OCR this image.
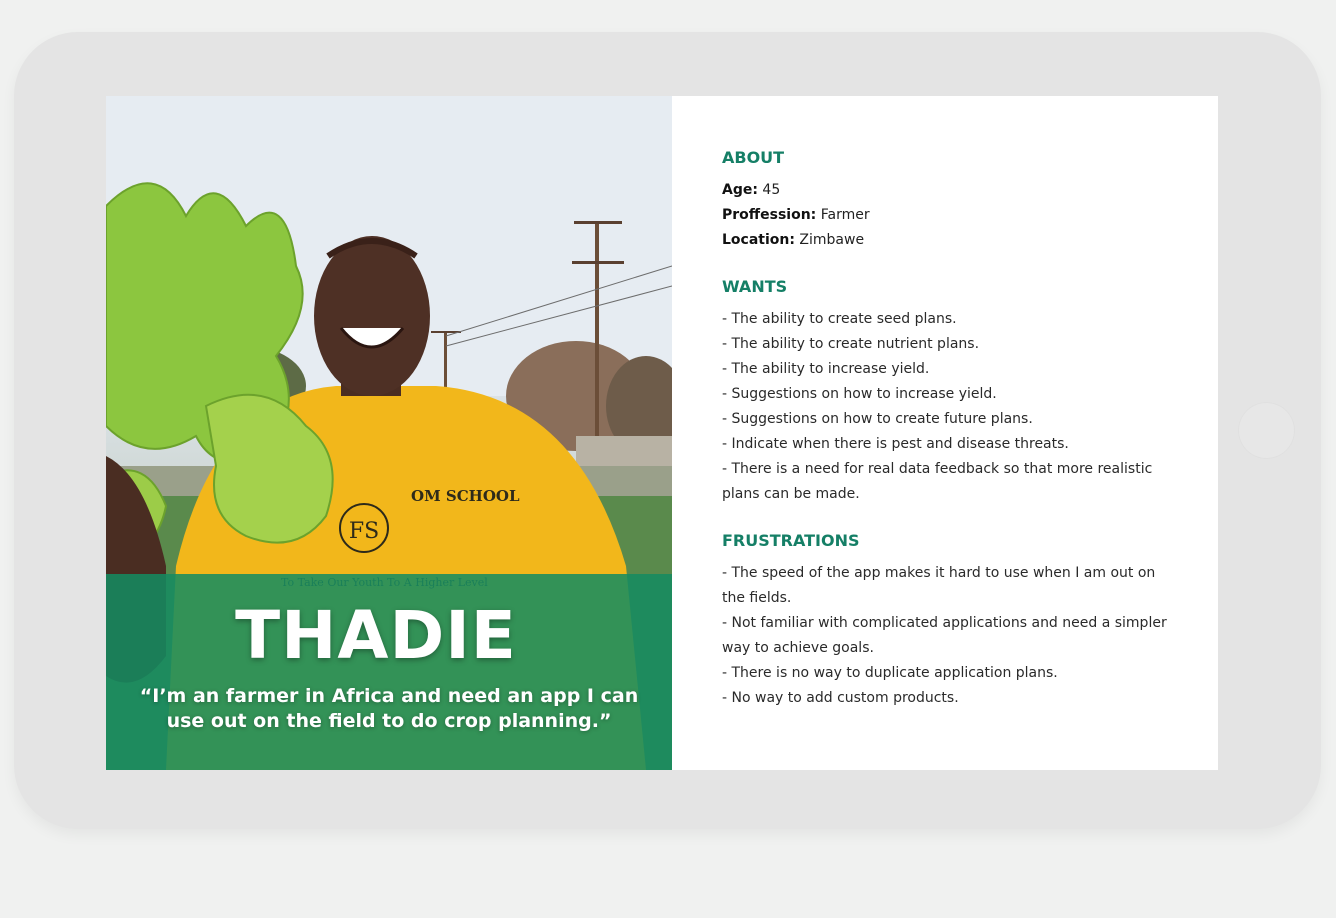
FS
OM SCHOOL
THADIE
“I’m an farmer in Africa and need an app I can use out on the field to do crop planning.”
ABOUT

Age: 45

Proffession: Farmer

Location: Zimbawe

WANTS
- The ability to create seed plans.
- The ability to create nutrient plans.
- The ability to increase yield.
- Suggestions on how to increase yield.
- Suggestions on how to create future plans.
- Indicate when there is pest and disease threats.
- There is a need for real data feedback so that more realistic plans can be made.
FRUSTRATIONS
- The speed of the app makes it hard to use when I am out on the fields.
- Not familiar with complicated applications and need a simpler way to achieve goals.
- There is no way to duplicate application plans.
- No way to add custom products.
